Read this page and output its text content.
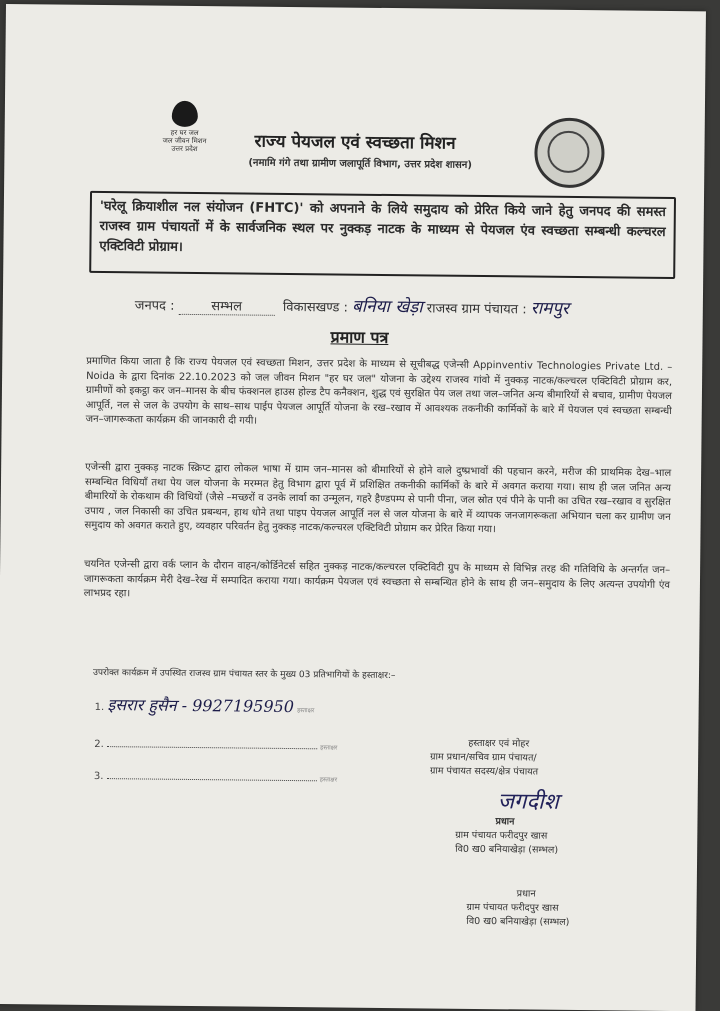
हर घर जल
जल जीवन मिशन
उत्तर प्रदेश	राज्य पेयजल एवं स्वच्छता मिशन
(नमामि गंगे तथा ग्रामीण जलापूर्ति विभाग, उत्तर प्रदेश शासन)
'घरेलू क्रियाशील नल संयोजन (FHTC)' को अपनाने के लिये समुदाय को प्रेरित किये जाने हेतु जनपद की समस्त राजस्व ग्राम पंचायतों में के सार्वजनिक स्थल पर नुक्कड़ नाटक के माध्यम से पेयजल एंव स्वच्छता सम्बन्धी कल्चरल एक्टिविटी प्रोग्राम।
जनपद :	सम्भल	विकासखण्ड : बनिया खेड़ा राजस्व ग्राम पंचायत : रामपुर
प्रमाण पत्र
प्रमाणित किया जाता है कि राज्य पेयजल एवं स्वच्छता मिशन, उत्तर प्रदेश के माध्यम से सूचीबद्ध एजेन्सी Appinventiv Technologies Private Ltd. – Noida के द्वारा दिनांक 22.10.2023 को जल जीवन मिशन "हर घर जल" योजना के उद्देश्य राजस्व गांवो में नुक्कड़ नाटक/कल्चरल एक्टिविटी प्रोग्राम कर, ग्रामीणों को इकट्ठा कर जन–मानस के बीच फंक्शनल हाउस होल्ड टैप कनैक्शन, शुद्ध एवं सुरक्षित पेय जल तथा जल–जनित अन्य बीमारियों से बचाव, ग्रामीण पेयजल आपूर्ति, नल से जल के उपयोग के साथ–साथ पाईप पेयजल आपूर्ति योजना के रख–रखाव में आवश्यक तकनीकी कार्मिकों के बारे में पेयजल एवं स्वच्छता सम्बन्धी जन–जागरूकता कार्यक्रम की जानकारी दी गयी।
एजेन्सी द्वारा नुक्कड़ नाटक स्क्रिप्ट द्वारा लोकल भाषा में ग्राम जन–मानस को बीमारियों से होने वाले दुष्प्रभावों की पहचान करने, मरीज की प्राथमिक देख–भाल सम्बन्धित विधियाँ तथा पेय जल योजना के मरम्मत हेतु विभाग द्वारा पूर्व में प्रशिक्षित तकनीकी कार्मिकों के बारे में अवगत कराया गया। साथ ही जल जनित अन्य बीमारियों के रोकथाम की विधियों (जैसे –मच्छरों व उनके लार्वा का उन्मूलन, गहरे हैण्डपम्प से पानी पीना, जल स्रोत एवं पीने के पानी का उचित रख–रखाव व सुरक्षित उपाय , जल निकासी का उचित प्रबन्धन, हाथ धोने तथा पाइप पेयजल आपूर्ति नल से जल योजना के बारे में व्यापक जनजागरूकता अभियान चला कर ग्रामीण जन समुदाय को अवगत कराते हुए, व्यवहार परिवर्तन हेतु नुक्कड़ नाटक/कल्चरल एक्टिविटी प्रोग्राम कर प्रेरित किया गया।
चयनित एजेन्सी द्वारा वर्क प्लान के दौरान वाहन/कोर्डिनेटर्स सहित नुक्कड़ नाटक/कल्चरल एक्टिविटी ग्रुप के माध्यम से विभिन्न तरह की गतिविधि के अन्तर्गत जन–जागरूकता कार्यक्रम मेरी देख–रेख में सम्पादित कराया गया। कार्यक्रम पेयजल एवं स्वच्छता से सम्बन्धित होने के साथ ही जन–समुदाय के लिए अत्यन्त उपयोगी एंव लाभप्रद रहा।
उपरोक्त कार्यक्रम में उपस्थित राजस्व ग्राम पंचायत स्तर के मुख्य 03 प्रतिभागियों के हस्ताक्षर:–
1. इसरार हुसैन - 9927195950 हस्ताक्षर
2.	हस्ताक्षर
3.	हस्ताक्षर
हस्ताक्षर एवं मोहर
ग्राम प्रधान/सचिव ग्राम पंचायत/
ग्राम पंचायत सदस्य/क्षेत्र पंचायत
जगदीश
प्रधान
ग्राम पंचायत फरीदपुर खास
वि0 ख0 बनियाखेड़ा (सम्भल)
प्रधान
ग्राम पंचायत फरीदपुर खास
वि0 ख0 बनियाखेड़ा (सम्भल)
